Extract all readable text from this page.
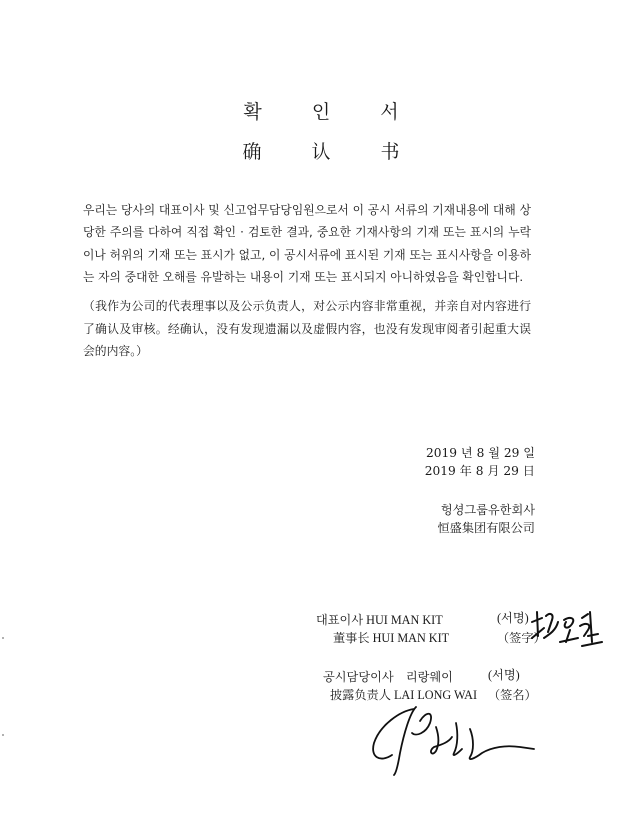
확 인 서
确 认 书
우리는 당사의 대표이사 및 신고업무담당임원으로서 이 공시 서류의 기재내용에 대해 상당한 주의를 다하여 직접 확인 · 검토한 결과, 중요한 기재사항의 기재 또는 표시의 누락이나 허위의 기재 또는 표시가 없고, 이 공시서류에 표시된 기재 또는 표시사항을 이용하는 자의 중대한 오해를 유발하는 내용이 기재 또는 표시되지 아니하였음을 확인합니다.
（我作为公司的代表理事以及公示负责人，对公示内容非常重视，并亲自对内容进行了确认及审核。经确认，没有发现遗漏以及虚假内容，也没有发现审阅者引起重大误会的内容。）
2019 년 8 월 29 일
2019 年 8 月 29 日
헝셩그룹유한회사
恒盛集团有限公司
대표이사 HUI MAN KIT	(서명)
董事长 HUI MAN KIT	（签字）
공시담당이사　리랑웨이	(서명)
披露负责人 LAI LONG WAI （签名）
